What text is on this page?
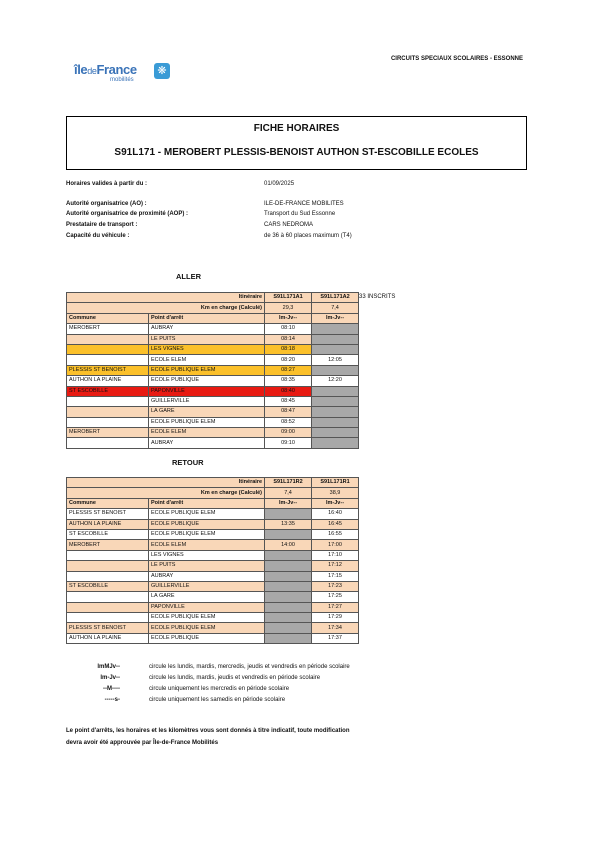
îledeFrance
mobilités
❋
CIRCUITS SPECIAUX SCOLAIRES - ESSONNE
FICHE HORAIRES
S91L171 - MEROBERT PLESSIS-BENOIST AUTHON ST-ESCOBILLE ECOLES
Horaires valides à partir du :	01/09/2025
Autorité organisatrice (AO) :	ILE-DE-FRANCE MOBILITES
Autorité organisatrice de proximité (AOP) :	Transport du Sud Essonne
Prestataire de transport :	CARS NEDROMA
Capacité du véhicule :	de 36 à 60 places maximum (T4)
ALLER
Itinéraire		S91L171A1	S91L171A2
Km en charge (Calculé)		29,3	7,4
Commune	Point d'arrêt	lm-Jv--	lm-Jv--
MEROBERT	AUBRAY	08:10	
	LE PUITS	08:14	
	LES VIGNES	08:18	
	ECOLE ELEM	08:20	12:05
PLESSIS ST BENOIST	ECOLE PUBLIQUE ELEM	08:27	
AUTHON LA PLAINE	ECOLE PUBLIQUE	08:35	12:20
ST ESCOBILLE	PAPONVILLE	08:40	
	GUILLERVILLE	08:45	
	LA GARE	08:47	
	ECOLE PUBLIQUE ELEM	08:52	
MEROBERT	ECOLE ELEM	09:00	
	AUBRAY	09:10	
33 INSCRITS
RETOUR
Itinéraire		S91L171R2	S91L171R1
Km en charge (Calculé)		7,4	38,9
Commune	Point d'arrêt	lm-Jv--	lm-Jv--
PLESSIS ST BENOIST	ECOLE PUBLIQUE ELEM		16:40
AUTHON LA PLAINE	ECOLE PUBLIQUE	13:35	16:45
ST ESCOBILLE	ECOLE PUBLIQUE ELEM		16:55
MEROBERT	ECOLE ELEM	14:00	17:00
	LES VIGNES		17:10
	LE PUITS		17:12
	AUBRAY		17:15
ST ESCOBILLE	GUILLERVILLE		17:23
	LA GARE		17:25
	PAPONVILLE		17:27
	ECOLE PUBLIQUE ELEM		17:29
PLESSIS ST BENOIST	ECOLE PUBLIQUE ELEM		17:34
AUTHON LA PLAINE	ECOLE PUBLIQUE		17:37
lmMJv--	circule les lundis, mardis, mercredis, jeudis et vendredis en période scolaire
lm-Jv--	circule les lundis, mardis, jeudis et vendredis en période scolaire
--M----	circule uniquement les mercredis en période scolaire
-----s-	circule uniquement les samedis en période scolaire
Le point d'arrêts, les horaires et les kilomètres vous sont donnés à titre indicatif, toute modification
devra avoir été approuvée par Île-de-France Mobilités
